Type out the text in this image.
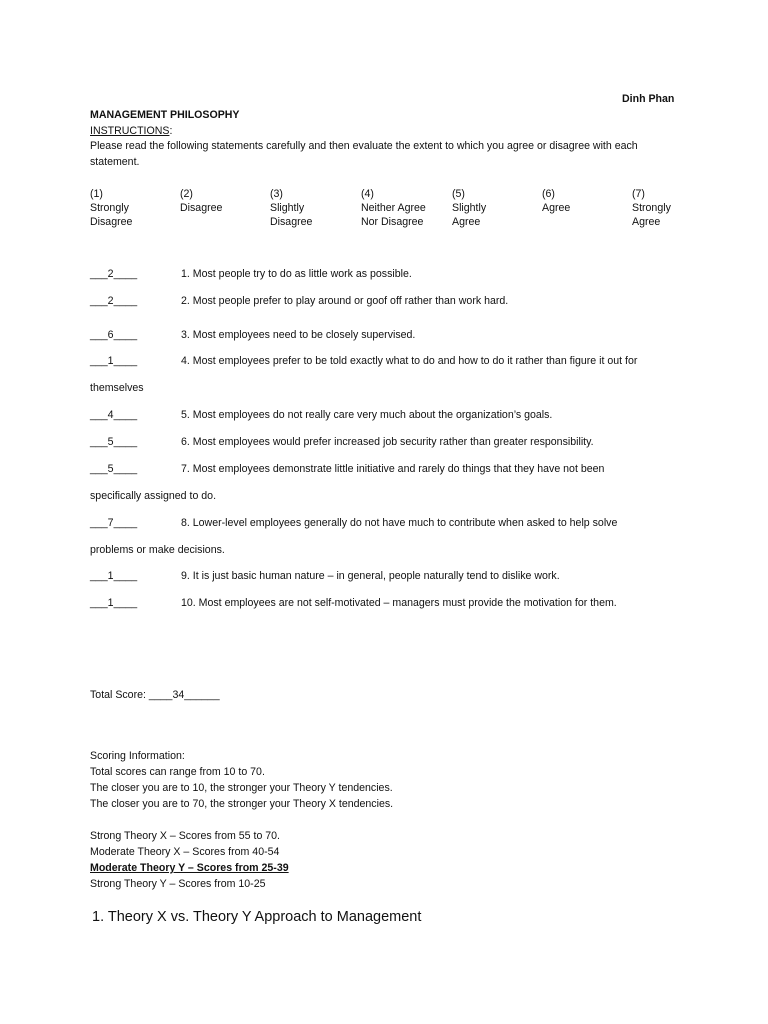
Dinh Phan
MANAGEMENT PHILOSOPHY
INSTRUCTIONS:
Please read the following statements carefully and then evaluate the extent to which you agree or disagree with each
statement.
(1)
Strongly
Disagree
(2)
Disagree
(3)
Slightly
Disagree
(4)
Neither Agree
Nor Disagree
(5)
Slightly
Agree
(6)
Agree
(7)
Strongly
Agree
___2____	1. Most people try to do as little work as possible.
___2____	2. Most people prefer to play around or goof off rather than work hard.
___6____	3. Most employees need to be closely supervised.
___1____	4. Most employees prefer to be told exactly what to do and how to do it rather than figure it out for
themselves
___4____	5. Most employees do not really care very much about the organization’s goals.
___5____	6. Most employees would prefer increased job security rather than greater responsibility.
___5____	7. Most employees demonstrate little initiative and rarely do things that they have not been
specifically assigned to do.
___7____	8. Lower-level employees generally do not have much to contribute when asked to help solve
problems or make decisions.
___1____	9. It is just basic human nature – in general, people naturally tend to dislike work.
___1____	10. Most employees are not self-motivated – managers must provide the motivation for them.
Total Score: ____34______
Scoring Information:
Total scores can range from 10 to 70.
The closer you are to 10, the stronger your Theory Y tendencies.
The closer you are to 70, the stronger your Theory X tendencies.
Strong Theory X – Scores from 55 to 70.
Moderate Theory X – Scores from 40-54
Moderate Theory Y – Scores from 25-39
Strong Theory Y – Scores from 10-25
1. Theory X vs. Theory Y Approach to Management
